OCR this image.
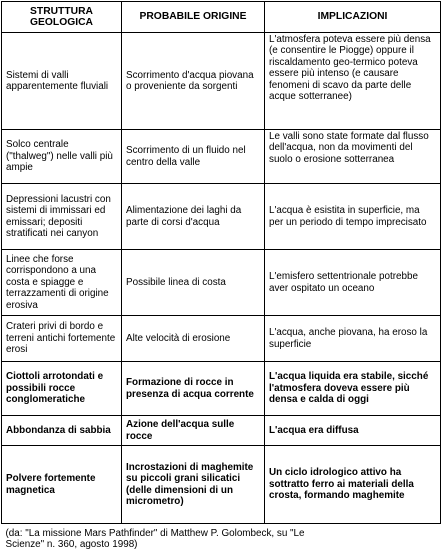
STRUTTURA GEOLOGICA	PROBABILE ORIGINE	IMPLICAZIONI
Sistemi di valli apparentemente fluviali	Scorrimento d'acqua piovana o proveniente da sorgenti	L'atmosfera poteva essere più densa (e consentire le Piogge) oppure il riscaldamento geo-termico poteva essere più intenso (e causare fenomeni di scavo da parte delle acque sotterranee)
Solco centrale ("thalweg") nelle valli più ampie	Scorrimento di un fluido nel centro della valle	Le valli sono state formate dal flusso dell'acqua, non da movimenti del suolo o erosione sotterranea
Depressioni lacustri con sistemi di immissari ed emissari; depositi stratificati nei canyon	Alimentazione dei laghi da parte di corsi d'acqua	L'acqua è esistita in superficie, ma per un periodo di tempo imprecisato
Linee che forse corrispondono a una costa e spiagge e terrazzamenti di origine erosiva	Possibile linea di costa	L'emisfero settentrionale potrebbe aver ospitato un oceano
Crateri privi di bordo e terreni antichi fortemente erosi	Alte velocità di erosione	L'acqua, anche piovana, ha eroso la superficie
Ciottoli arrotondati e possibili rocce conglomeratiche	Formazione di rocce in presenza di acqua corrente	L'acqua liquida era stabile, sicché l'atmosfera doveva essere più densa e calda di oggi
Abbondanza di sabbia	Azione dell'acqua sulle rocce	L'acqua era diffusa
Polvere fortemente magnetica	Incrostazioni di maghemite su piccoli grani silicatici (delle dimensioni di un micrometro)	Un ciclo idrologico attivo ha sottratto ferro ai materiali della crosta, formando maghemite

(da: "La missione Mars Pathfinder" di Matthew P. Golombeck, su "Le
Scienze" n. 360, agosto 1998)		
